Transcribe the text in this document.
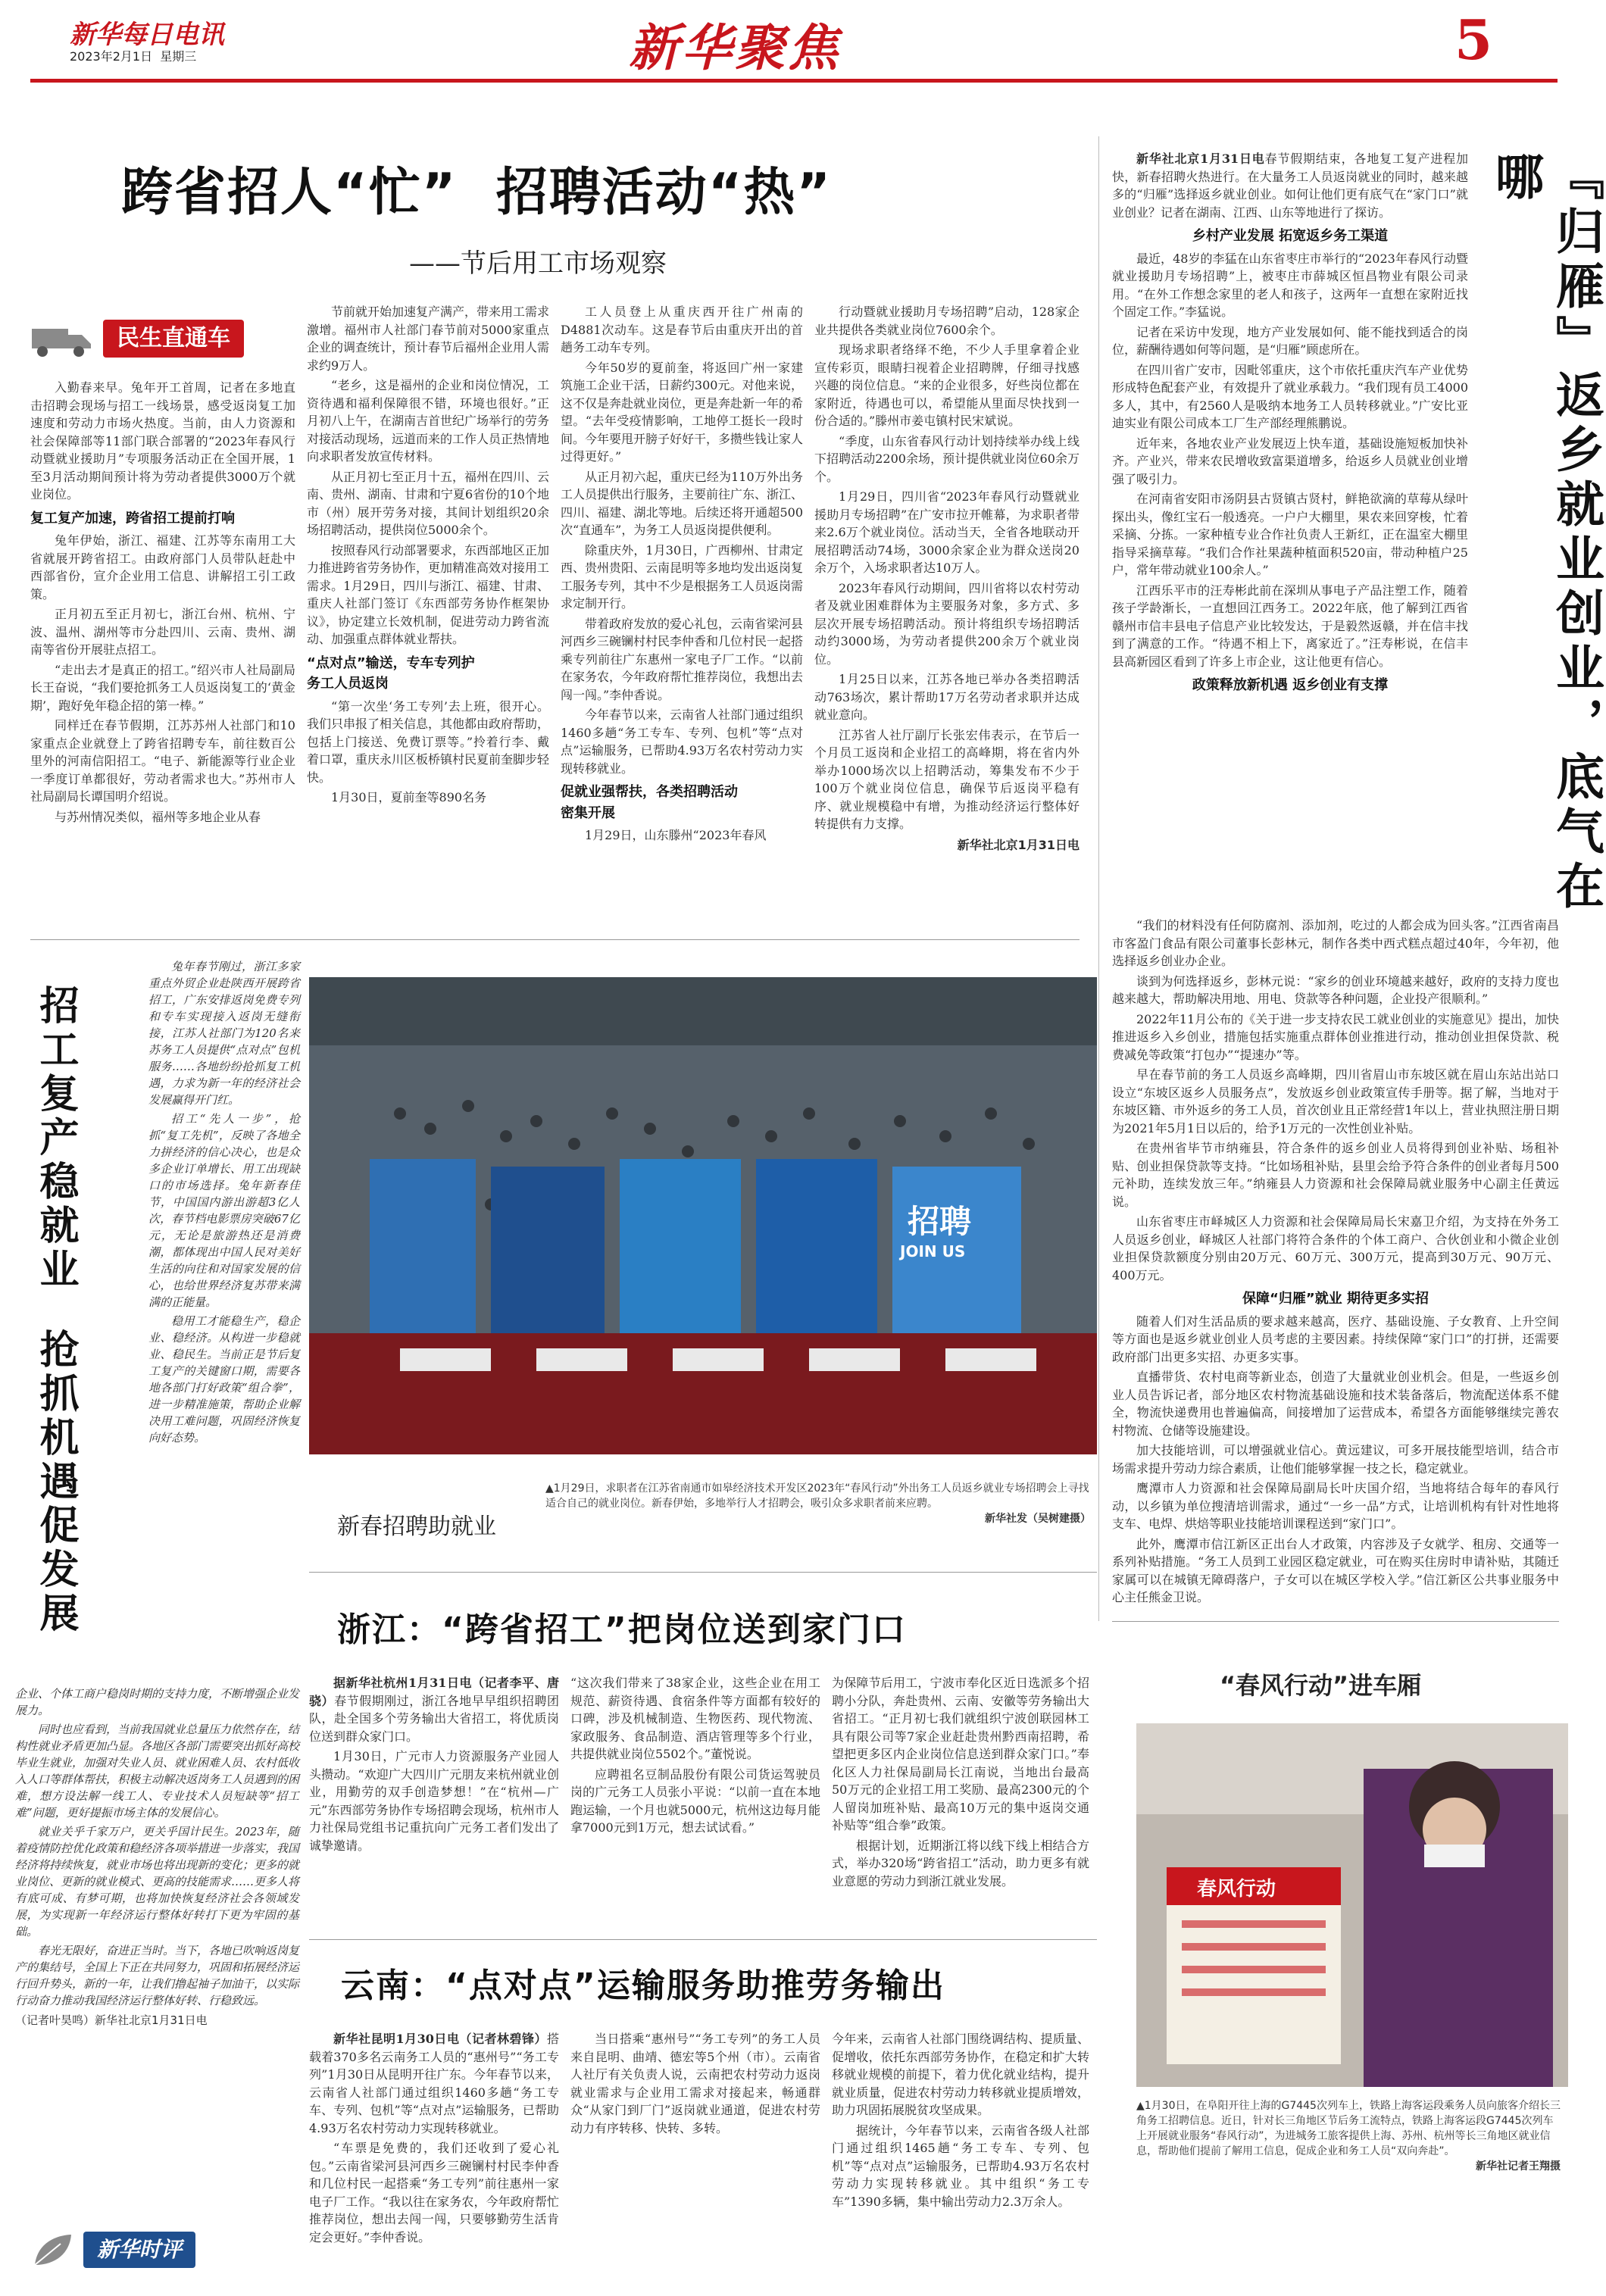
新华每日电讯
2023年2月1日  星期三	新华聚焦	5
跨省招人“忙”  招聘活动“热”
——节后用工市场观察
民生直通车

入勤春来早。兔年开工首周，记者在多地直击招聘会现场与招工一线场景，感受返岗复工加速度和劳动力市场火热度。当前，由人力资源和社会保障部等11部门联合部署的“2023年春风行动暨就业援助月”专项服务活动正在全国开展，1至3月活动期间预计将为劳动者提供3000万个就业岗位。

复工复产加速，跨省招工提前打响

兔年伊始，浙江、福建、江苏等东南用工大省就展开跨省招工。由政府部门人员带队赶赴中西部省份，宣介企业用工信息、讲解招工引工政策。

正月初五至正月初七，浙江台州、杭州、宁波、温州、湖州等市分赴四川、云南、贵州、湖南等省份开展驻点招工。

“走出去才是真正的招工。”绍兴市人社局副局长王奋说，“我们要抢抓务工人员返岗复工的‘黄金期’，跑好免年稳企招的第一棒。”

同样迁在春节假期，江苏苏州人社部门和10家重点企业就登上了跨省招聘专车，前往数百公里外的河南信阳招工。“电子、新能源等行业企业一季度订单都很好，劳动者需求也大。”苏州市人社局副局长谭国明介绍说。

与苏州情况类似，福州等多地企业从春

节前就开始加速复产满产，带来用工需求激增。福州市人社部门春节前对5000家重点企业的调查统计，预计春节后福州企业用人需求约9万人。

“老乡，这是福州的企业和岗位情况，工资待遇和福利保障很不错，环境也很好。”正月初八上午，在湖南吉首世纪广场举行的劳务对接活动现场，远道而来的工作人员正热情地向求职者发放宣传材料。

从正月初七至正月十五，福州在四川、云南、贵州、湖南、甘肃和宁夏6省份的10个地市（州）展开劳务对接，其间计划组织20余场招聘活动，提供岗位5000余个。

按照春风行动部署要求，东西部地区正加力推进跨省劳务协作，更加精准高效对接用工需求。1月29日，四川与浙江、福建、甘肃、重庆人社部门签订《东西部劳务协作框架协议》，协定建立长效机制，促进劳动力跨省流动、加强重点群体就业帮扶。

“点对点”输送，专车专列护
务工人员返岗

“第一次坐‘务工专列’去上班，很开心。我们只串报了相关信息，其他都由政府帮助，包括上门接送、免费订票等。”拎着行李、戴着口罩，重庆永川区板桥镇村民夏前奎脚步轻快。

1月30日，夏前奎等890名务

工人员登上从重庆西开往广州南的D4881次动车。这是春节后由重庆开出的首趟务工动车专列。

今年50岁的夏前奎，将返回广州一家建筑施工企业干活，日薪约300元。对他来说，这不仅是奔赴就业岗位，更是奔赴新一年的希望。“去年受疫情影响，工地停工挺长一段时间。今年要甩开膀子好好干，多攒些钱让家人过得更好。”

从正月初六起，重庆已经为110万外出务工人员提供出行服务，主要前往广东、浙江、四川、福建、湖北等地。后续还将开通超500次“直通车”，为务工人员返岗提供便利。

除重庆外，1月30日，广西柳州、甘肃定西、贵州贵阳、云南昆明等多地均发出返岗复工服务专列，其中不少是根据务工人员返岗需求定制开行。

带着政府发放的爱心礼包，云南省梁河县河西乡三碗镧村村民李仲香和几位村民一起搭乘专列前往广东惠州一家电子厂工作。“以前在家务农，今年政府帮忙推荐岗位，我想出去闯一闯。”李仲香说。

今年春节以来，云南省人社部门通过组织1460多趟“务工专车、专列、包机”等“点对点”运输服务，已帮助4.93万名农村劳动力实现转移就业。

促就业强帮扶，各类招聘活动
密集开展

1月29日，山东滕州“2023年春风

行动暨就业援助月专场招聘”启动，128家企业共提供各类就业岗位7600余个。

现场求职者络绎不绝，不少人手里拿着企业宣传彩页，眼睛扫视着企业招聘牌，仔细寻找感兴趣的岗位信息。“来的企业很多，好些岗位都在家附近，待遇也可以，希望能从里面尽快找到一份合适的。”滕州市姜屯镇村民宋斌说。

“季度，山东省春风行动计划持续举办线上线下招聘活动2200余场，预计提供就业岗位60余万个。

1月29日，四川省“2023年春风行动暨就业援助月专场招聘”在广安市拉开帷幕，为求职者带来2.6万个就业岗位。活动当天，全省各地联动开展招聘活动74场，3000余家企业为群众送岗20余万个，入场求职者达10万人。

2023年春风行动期间，四川省将以农村劳动者及就业困难群体为主要服务对象，多方式、多层次开展专场招聘活动。预计将组织专场招聘活动约3000场，为劳动者提供200余万个就业岗位。

1月25日以来，江苏各地已举办各类招聘活动763场次，累计帮助17万名劳动者求职并达成就业意向。

江苏省人社厅副厅长张宏伟表示，在节后一个月员工返岗和企业招工的高峰期，将在省内外举办1000场次以上招聘活动，筹集发布不少于100万个就业岗位信息，确保节后返岗平稳有序、就业规模稳中有增，为推动经济运行整体好转提供有力支撑。

新华社北京1月31日电

新华社北京1月31日电春节假期结束，各地复工复产进程加快，新春招聘火热进行。在大量务工人员返岗就业的同时，越来越多的“归雁”选择返乡就业创业。如何让他们更有底气在“家门口”就业创业？记者在湖南、江西、山东等地进行了探访。

乡村产业发展 拓宽返乡务工渠道

最近，48岁的李猛在山东省枣庄市举行的“2023年春风行动暨就业援助月专场招聘”上，被枣庄市薛城区恒昌物业有限公司录用。“在外工作想念家里的老人和孩子，这两年一直想在家附近找个固定工作。”李猛说。

记者在采访中发现，地方产业发展如何、能不能找到适合的岗位，薪酬待遇如何等问题，是“归雁”顾虑所在。

在四川省广安市，因毗邻重庆，这个市依托重庆汽车产业优势形成特色配套产业，有效提升了就业承载力。“我们现有员工4000多人，其中，有2560人是吸纳本地务工人员转移就业。”广安比亚迪实业有限公司成本工厂生产部经理熊鹏说。

近年来，各地农业产业发展迈上快车道，基础设施短板加快补齐。产业兴，带来农民增收致富渠道增多，给返乡人员就业创业增强了吸引力。

在河南省安阳市汤阴县古贤镇古贤村，鲜艳欲滴的草莓从绿叶探出头，像红宝石一般透亮。一户户大棚里，果农来回穿梭，忙着采摘、分拣。一家种植专业合作社负责人王新红，正在温室大棚里指导采摘草莓。“我们合作社果蔬种植面积520亩，带动种植户25户，常年带动就业100余人。”

江西乐平市的汪寿彬此前在深圳从事电子产品注塑工作，随着孩子学龄渐长，一直想回江西务工。2022年底，他了解到江西省赣州市信丰县电子信息产业比较发达，于是毅然返赣，并在信丰找到了满意的工作。“待遇不相上下，离家近了。”汪寿彬说，在信丰县高新园区看到了许多上市企业，这让他更有信心。

政策释放新机遇 返乡创业有支撑	『归雁』返乡就业创业，底气在哪

“我们的材料没有任何防腐剂、添加剂，吃过的人都会成为回头客。”江西省南昌市客盈门食品有限公司董事长彭林元，制作各类中西式糕点超过40年，今年初，他选择返乡创业办企业。

谈到为何选择返乡，彭林元说：“家乡的创业环境越来越好，政府的支持力度也越来越大，帮助解决用地、用电、贷款等各种问题，企业投产很顺利。”

2022年11月公布的《关于进一步支持农民工就业创业的实施意见》提出，加快推进返乡入乡创业，措施包括实施重点群体创业推进行动，推动创业担保贷款、税费减免等政策“打包办”“提速办”等。

早在春节前的务工人员返乡高峰期，四川省眉山市东坡区就在眉山东站出站口设立“东坡区返乡人员服务点”，发放返乡创业政策宣传手册等。据了解，当地对于东坡区籍、市外返乡的务工人员，首次创业且正常经营1年以上，营业执照注册日期为2021年5月1日以后的，给予1万元的一次性创业补贴。

在贵州省毕节市纳雍县，符合条件的返乡创业人员将得到创业补贴、场租补贴、创业担保贷款等支持。“比如场租补贴，县里会给予符合条件的创业者每月500元补助，连续发放三年。”纳雍县人力资源和社会保障局就业服务中心副主任黄远说。

山东省枣庄市峄城区人力资源和社会保障局局长宋嘉卫介绍，为支持在外务工人员返乡创业，峄城区人社部门将符合条件的个体工商户、合伙创业和小微企业创业担保贷款额度分别由20万元、60万元、300万元，提高到30万元、90万元、400万元。

保障“归雁”就业 期待更多实招

随着人们对生活品质的要求越来越高，医疗、基础设施、子女教育、上升空间等方面也是返乡就业创业人员考虑的主要因素。持续保障“家门口”的打拼，还需要政府部门出更多实招、办更多实事。

直播带货、农村电商等新业态，创造了大量就业创业机会。但是，一些返乡创业人员告诉记者，部分地区农村物流基础设施和技术装备落后，物流配送体系不健全，物流快递费用也普遍偏高，间接增加了运营成本，希望各方面能够继续完善农村物流、仓储等设施建设。

加大技能培训，可以增强就业信心。黄远建议，可多开展技能型培训，结合市场需求提升劳动力综合素质，让他们能够掌握一技之长，稳定就业。

鹰潭市人力资源和社会保障局副局长叶庆国介绍，当地将结合每年的春风行动，以乡镇为单位搜清培训需求，通过“一乡一品”方式，让培训机构有针对性地将支车、电焊、烘焙等职业技能培训课程送到“家门口”。

此外，鹰潭市信江新区正出台人才政策，内容涉及子女就学、租房、交通等一系列补贴措施。“务工人员到工业园区稳定就业，可在购买住房时申请补贴，其随迁家属可以在城镇无障碍落户，子女可以在城区学校入学。”信江新区公共事业服务中心主任熊金卫说。

招工复产稳就业  抢抓机遇促发展

兔年春节刚过，浙江多家重点外贸企业赴陕西开展跨省招工，广东安排返岗免费专列和专车实现接入返岗无缝衔接，江苏人社部门为120名来苏务工人员提供“点对点”包机服务……各地纷纷抢抓复工机遇，力求为新一年的经济社会发展赢得开门红。

招工“先人一步”，抢抓“复工先机”，反映了各地全力拼经济的信心决心，也是众多企业订单增长、用工出现缺口的市场选择。兔年新春佳节，中国国内游出游超3亿人次，春节档电影票房突破67亿元，无论是旅游热还是消费潮，都体现出中国人民对美好生活的向往和对国家发展的信心，也给世界经济复苏带来满满的正能量。

稳用工才能稳生产，稳企业、稳经济。从构进一步稳就业、稳民生。当前正是节后复工复产的关键窗口期，需要各地各部门打好政策“组合拳”，进一步精准施策，帮助企业解决用工难问题，巩固经济恢复向好态势。

企业、个体工商户稳岗时期的支持力度，不断增强企业发展力。

同时也应看到，当前我国就业总量压力依然存在，结构性就业矛盾更加凸显。各地区各部门需要突出抓好高校毕业生就业，加强对失业人员、就业困难人员、农村低收入人口等群体帮扶，积极主动解决返岗务工人员遇到的困难，想方设法解一线工人、专业技术人员短缺等“招工难”问题，更好提振市场主体的发展信心。

就业关乎千家万户，更关乎国计民生。2023年，随着疫情防控优化政策和稳经济各项举措进一步落实，我国经济将持续恢复，就业市场也将出现新的变化；更多的就业岗位、更新的就业模式、更高的技能需求……更多人将有底可成、有梦可期，也将加快恢复经济社会各领域发展，为实现新一年经济运行整体好转打下更为牢固的基础。

春光无限好，奋进正当时。当下，各地已吹响返岗复产的集结号，全国上下正在共同努力，巩固和拓展经济运行回升势头，新的一年，让我们撸起袖子加油干，以实际行动奋力推动我国经济运行整体好转、行稳致远。

（记者叶昊鸣）新华社北京1月31日电
招聘
JOIN US
新春招聘助就业
▲1月29日，求职者在江苏省南通市如皋经济技术开发区2023年“春风行动”外出务工人员返乡就业专场招聘会上寻找适合自己的就业岗位。新春伊始，多地举行人才招聘会，吸引众多求职者前来应聘。
新华社发（吴树建摄）
浙江：“跨省招工”把岗位送到家门口

据新华社杭州1月31日电（记者李平、唐骁）春节假期刚过，浙江各地早早组织招聘团队，赴全国多个劳务输出大省招工，将优质岗位送到群众家门口。

1月30日，广元市人力资源服务产业园人头攒动。“欢迎广大四川广元朋友来杭州就业创业，用勤劳的双手创造梦想！”在“杭州—广元”东西部劳务协作专场招聘会现场，杭州市人力社保局党组书记重抗向广元务工者们发出了诚挚邀请。

“这次我们带来了38家企业，这些企业在用工规范、薪资待遇、食宿条件等方面都有较好的口碑，涉及机械制造、生物医药、现代物流、家政服务、食品制造、酒店管理等多个行业，共提供就业岗位5502个。”董悦说。

应聘祖名豆制品股份有限公司货运驾驶员岗的广元务工人员张小平说：“以前一直在本地跑运输，一个月也就5000元，杭州这边每月能拿7000元到1万元，想去试试看。”

为保障节后用工，宁波市奉化区近日选派多个招聘小分队，奔赴贵州、云南、安徽等劳务输出大省招工。“正月初七我们就组织宁波创联园林工具有限公司等7家企业赶赴贵州黔西南招聘，希望把更多区内企业岗位信息送到群众家门口。”奉化区人力社保局副局长江南说，当地出台最高50万元的企业招工用工奖励、最高2300元的个人留岗加班补贴、最高10万元的集中返岗交通补贴等“组合拳”政策。

根据计划，近期浙江将以线下线上相结合方式，举办320场“跨省招工”活动，助力更多有就业意愿的劳动力到浙江就业发展。

云南：“点对点”运输服务助推劳务输出

新华社昆明1月30日电（记者林碧锋）搭载着370多名云南务工人员的“惠州号”“务工专列”1月30日从昆明开往广东。今年春节以来，云南省人社部门通过组织1460多趟“务工专车、专列、包机”等“点对点”运输服务，已帮助4.93万名农村劳动力实现转移就业。

“车票是免费的，我们还收到了爱心礼包。”云南省梁河县河西乡三碗镧村村民李仲香和几位村民一起搭乘“务工专列”前往惠州一家电子厂工作。“我以往在家务农，今年政府帮忙推荐岗位，想出去闯一闯，只要够勤劳生活肯定会更好。”李仲香说。

当日搭乘“惠州号”“务工专列”的务工人员来自昆明、曲靖、德宏等5个州（市）。云南省人社厅有关负责人说，云南把农村劳动力返岗就业需求与企业用工需求对接起来，畅通群众“从家门到厂门”返岗就业通道，促进农村劳动力有序转移、快转、多转。

今年来，云南省人社部门围绕调结构、提质量、促增收，依托东西部劳务协作，在稳定和扩大转移就业规模的前提下，着力优化就业结构，提升就业质量，促进农村劳动力转移就业提质增效，助力巩固拓展脱贫攻坚成果。

据统计，今年春节以来，云南省各级人社部门通过组织1465趟“务工专车、专列、包机”等“点对点”运输服务，已帮助4.93万名农村劳动力实现转移就业。其中组织“务工专车”1390多辆，集中输出劳动力2.3万余人。

“春风行动”进车厢
春风行动
▲1月30日，在阜阳开往上海的G7445次列车上，铁路上海客运段乘务人员向旅客介绍长三角务工招聘信息。近日，针对长三角地区节后务工流特点，铁路上海客运段G7445次列车上开展就业服务“春风行动”，为进城务工旅客提供上海、苏州、杭州等长三角地区就业信息，帮助他们提前了解用工信息，促成企业和务工人员“双向奔赴”。
新华社记者王翔摄
新华时评
